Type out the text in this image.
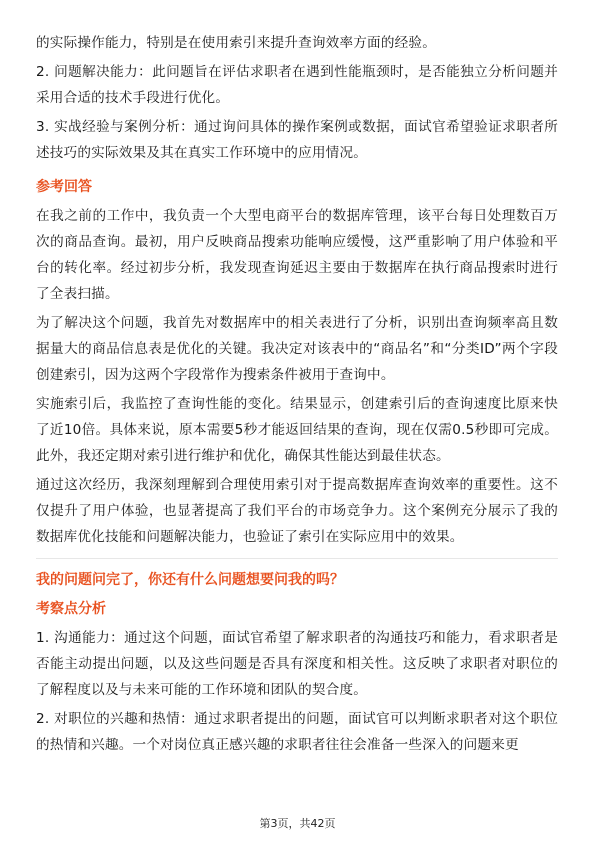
的实际操作能力，特别是在使用索引来提升查询效率方面的经验。

2. 问题解决能力：此问题旨在评估求职者在遇到性能瓶颈时，是否能独立分析问题并采用合适的技术手段进行优化。

3. 实战经验与案例分析：通过询问具体的操作案例或数据，面试官希望验证求职者所述技巧的实际效果及其在真实工作环境中的应用情况。

参考回答

在我之前的工作中，我负责一个大型电商平台的数据库管理，该平台每日处理数百万次的商品查询。最初，用户反映商品搜索功能响应缓慢，这严重影响了用户体验和平台的转化率。经过初步分析，我发现查询延迟主要由于数据库在执行商品搜索时进行了全表扫描。

为了解决这个问题，我首先对数据库中的相关表进行了分析，识别出查询频率高且数据量大的商品信息表是优化的关键。我决定对该表中的“商品名”和“分类ID”两个字段创建索引，因为这两个字段常作为搜索条件被用于查询中。

实施索引后，我监控了查询性能的变化。结果显示，创建索引后的查询速度比原来快了近10倍。具体来说，原本需要5秒才能返回结果的查询，现在仅需0.5秒即可完成。此外，我还定期对索引进行维护和优化，确保其性能达到最佳状态。

通过这次经历，我深刻理解到合理使用索引对于提高数据库查询效率的重要性。这不仅提升了用户体验，也显著提高了我们平台的市场竞争力。这个案例充分展示了我的数据库优化技能和问题解决能力，也验证了索引在实际应用中的效果。

我的问题问完了，你还有什么问题想要问我的吗？
考察点分析

1. 沟通能力：通过这个问题，面试官希望了解求职者的沟通技巧和能力，看求职者是否能主动提出问题，以及这些问题是否具有深度和相关性。这反映了求职者对职位的了解程度以及与未来可能的工作环境和团队的契合度。

2. 对职位的兴趣和热情：通过求职者提出的问题，面试官可以判断求职者对这个职位的热情和兴趣。一个对岗位真正感兴趣的求职者往往会准备一些深入的问题来更

第3页，共42页
